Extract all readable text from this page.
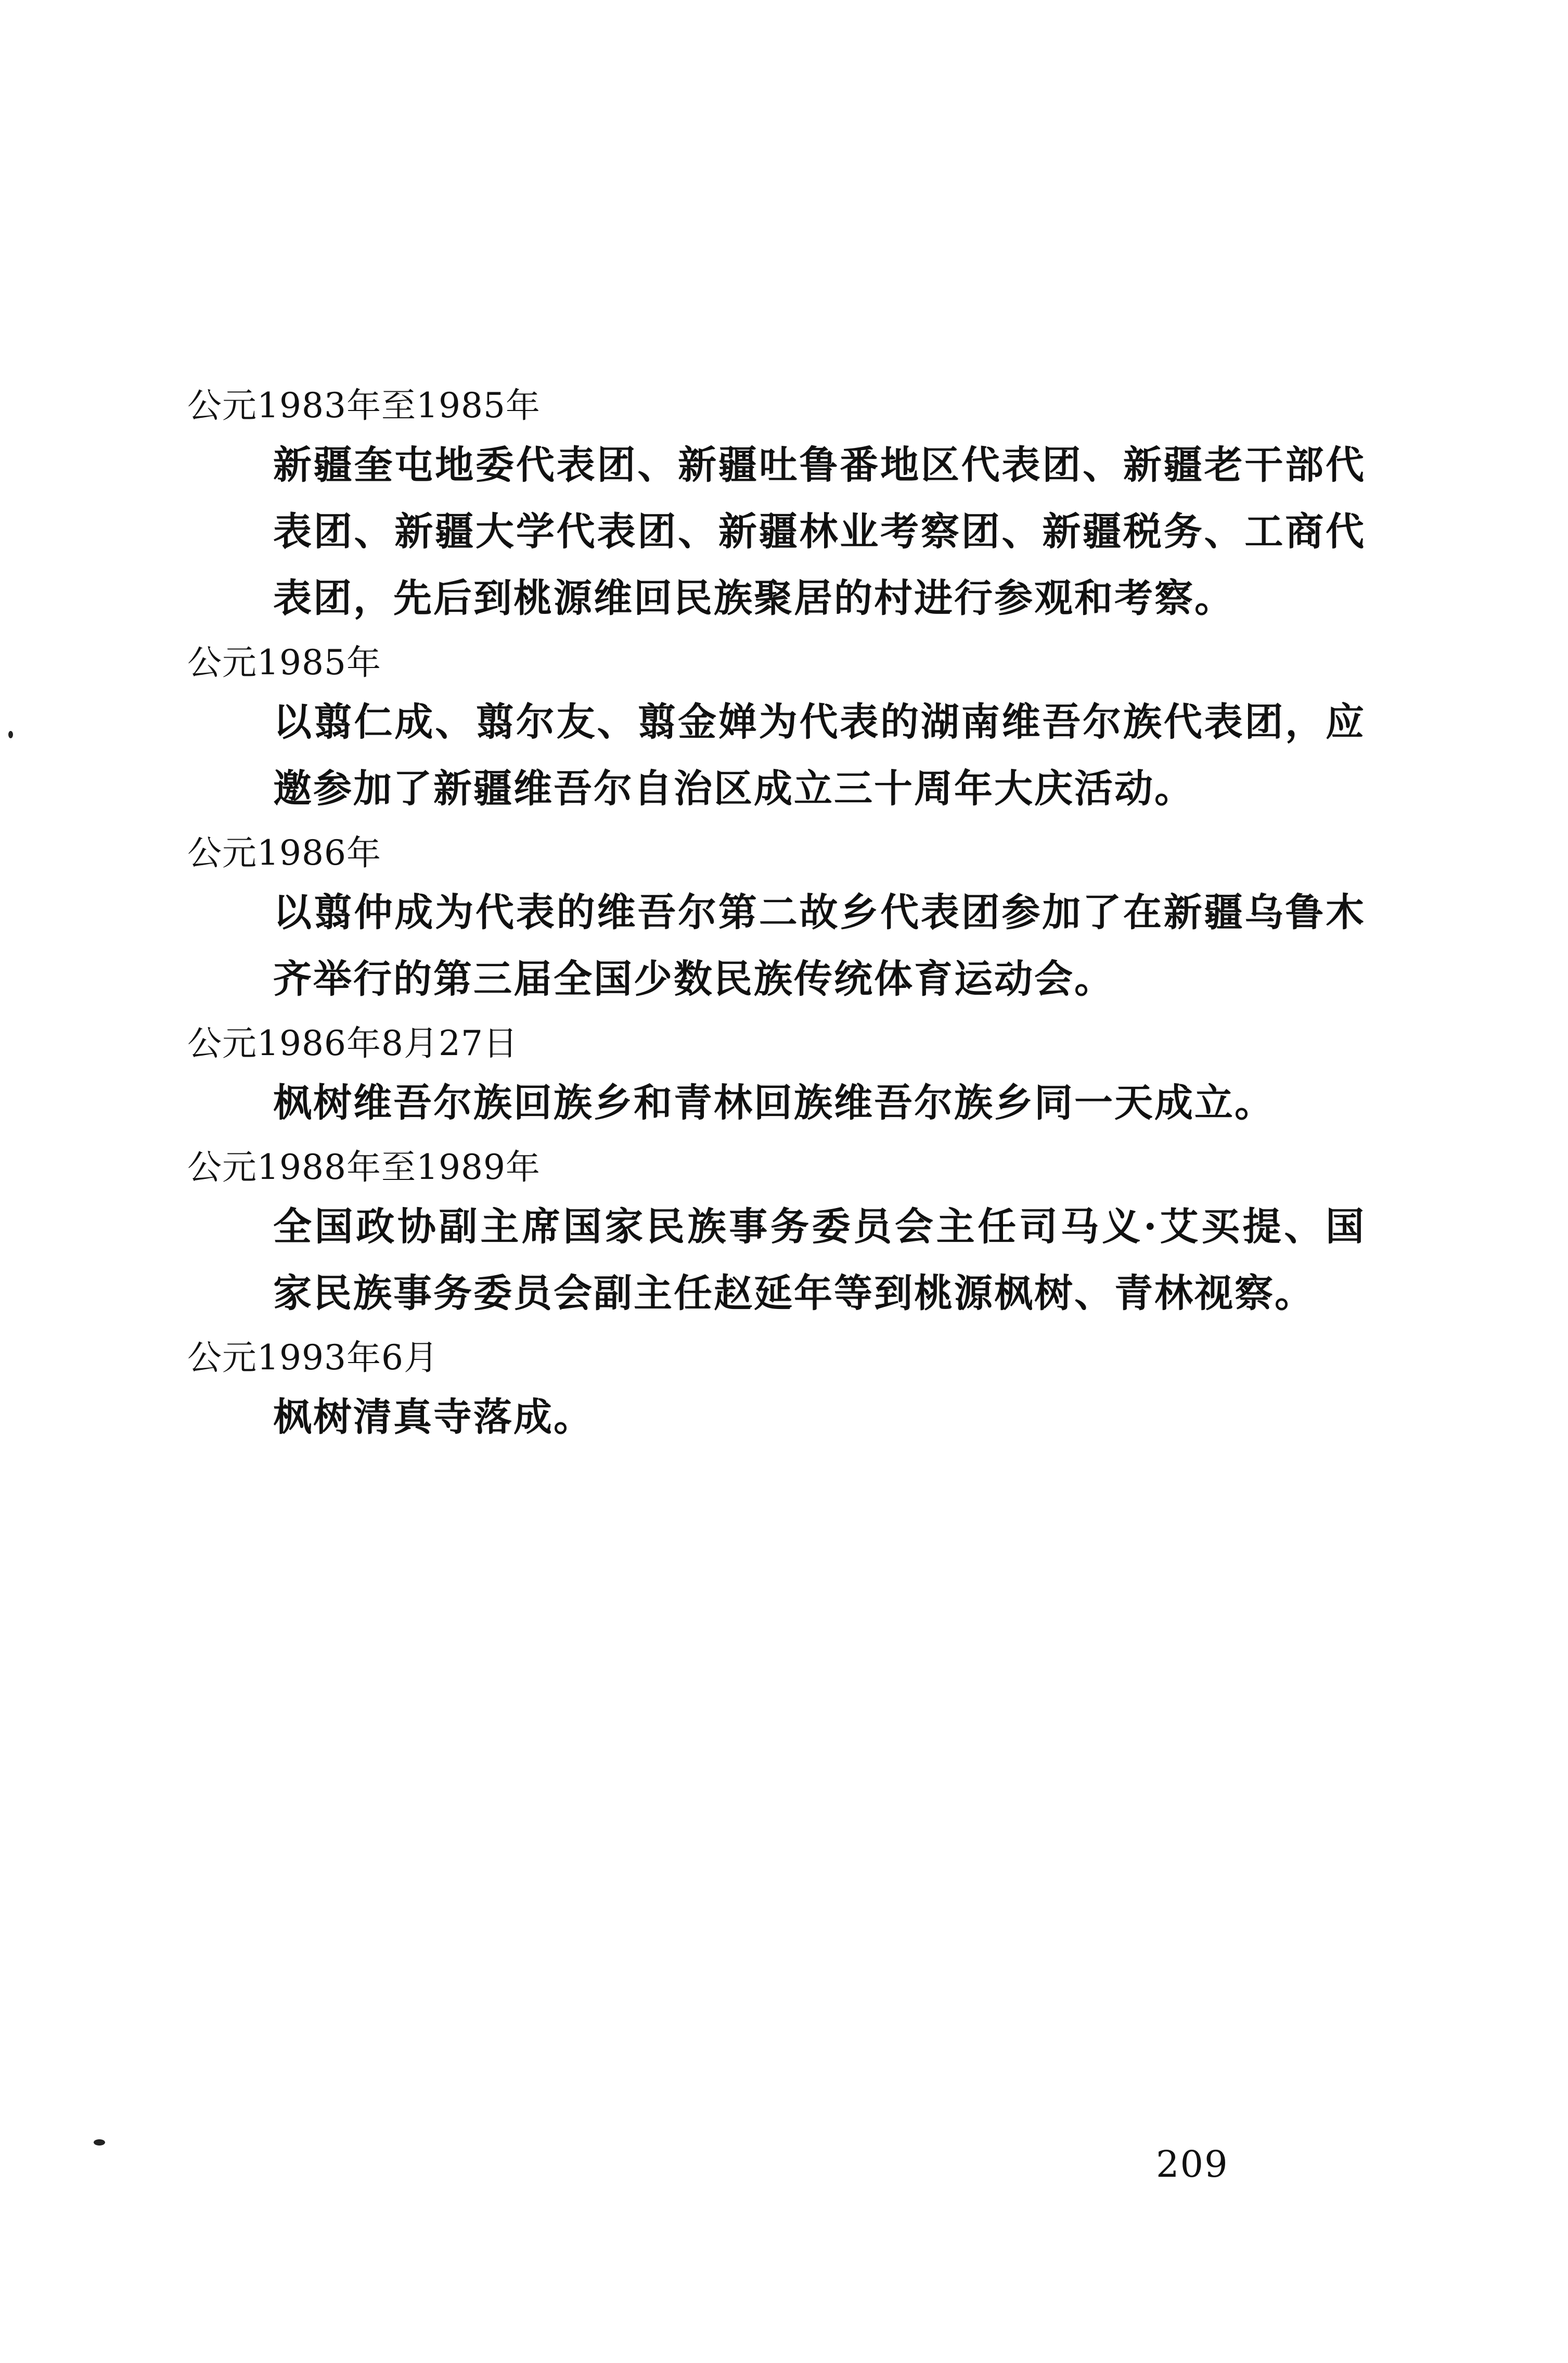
公元1983年至1985年

新疆奎屯地委代表团、新疆吐鲁番地区代表团、新疆老干部代表团、新疆大学代表团、新疆林业考察团、新疆税务、工商代表团，先后到桃源维回民族聚居的村进行参观和考察。

公元1985年

以翦仁成、翦尔友、翦金婵为代表的湖南维吾尔族代表团，应邀参加了新疆维吾尔自治区成立三十周年大庆活动。

公元1986年

以翦仲成为代表的维吾尔第二故乡代表团参加了在新疆乌鲁木齐举行的第三届全国少数民族传统体育运动会。

公元1986年8月27日

枫树维吾尔族回族乡和青林回族维吾尔族乡同一天成立。

公元1988年至1989年

全国政协副主席国家民族事务委员会主任司马义·艾买提、国家民族事务委员会副主任赵延年等到桃源枫树、青林视察。

公元1993年6月

枫树清真寺落成。

209
